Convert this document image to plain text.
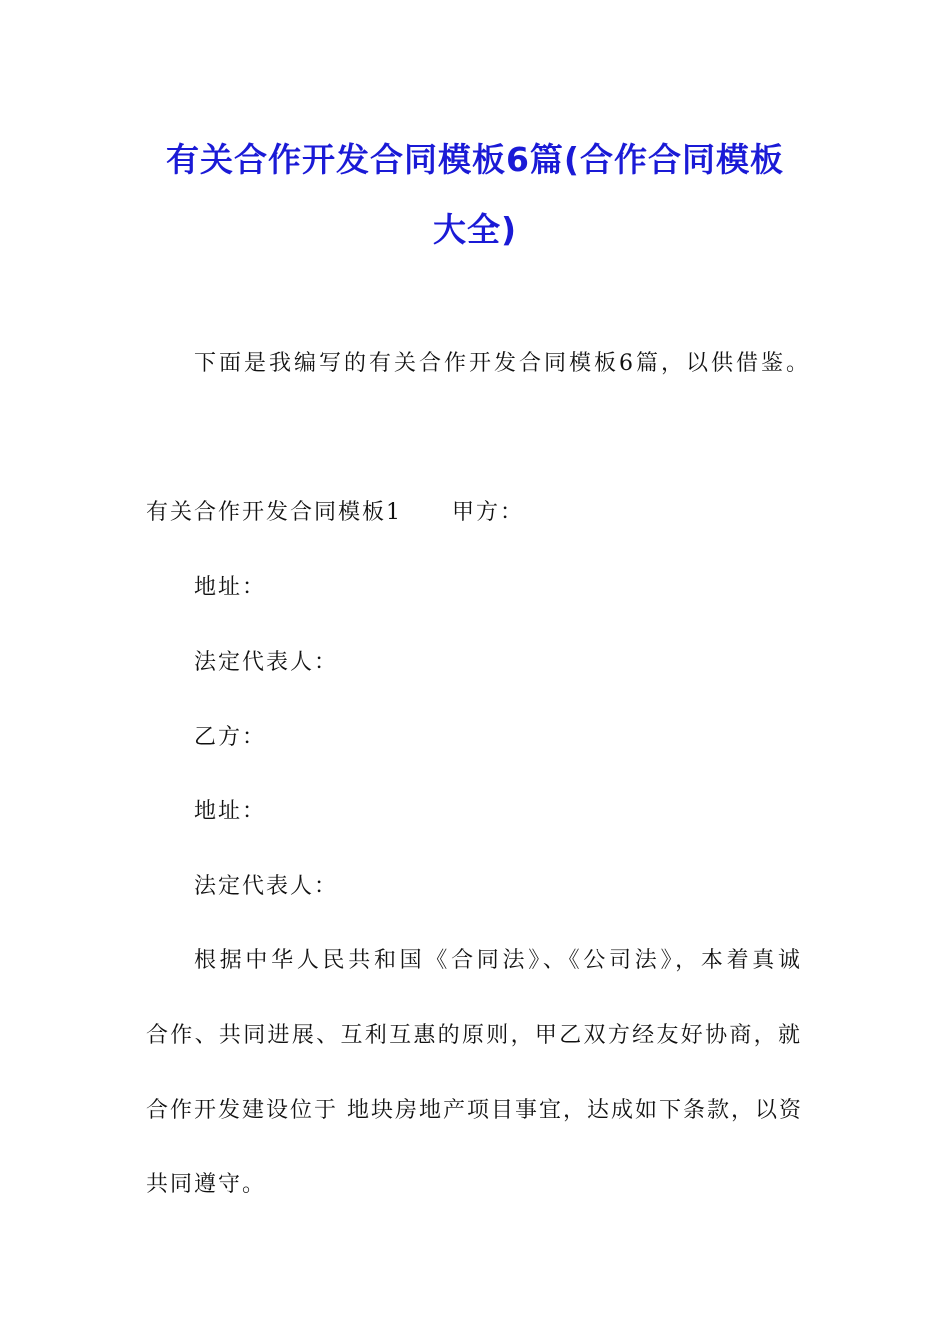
有关合作开发合同模板6篇(合作合同模板
大全)
下面是我编写的有关合作开发合同模板6篇，以供借鉴。
有关合作开发合同模板1 甲方：
地址：
法定代表人：
乙方：
地址：
法定代表人：
根据中华人民共和国《合同法》、《公司法》，本着真诚
合作、共同进展、互利互惠的原则，甲乙双方经友好协商，就
合作开发建设位于 地块房地产项目事宜，达成如下条款，以资
共同遵守。
